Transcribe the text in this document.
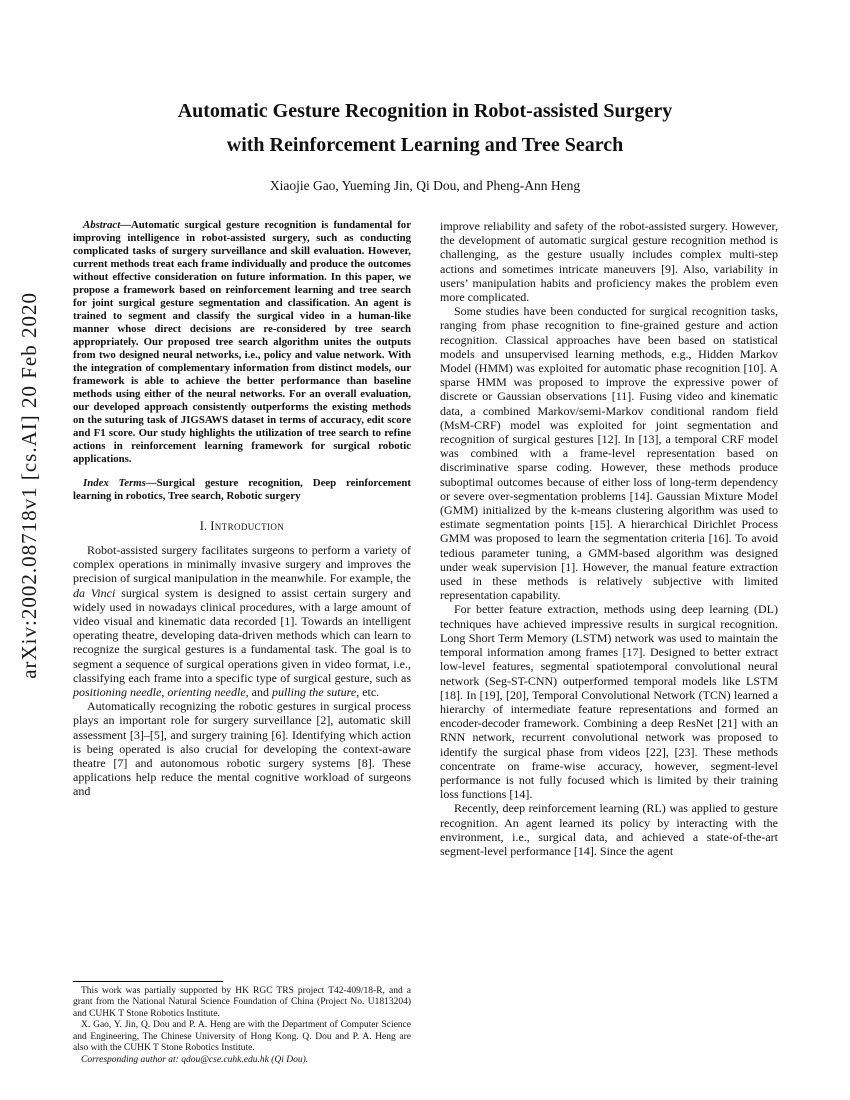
arXiv:2002.08718v1 [cs.AI] 20 Feb 2020
Automatic Gesture Recognition in Robot-assisted Surgery
with Reinforcement Learning and Tree Search
Xiaojie Gao, Yueming Jin, Qi Dou, and Pheng-Ann Heng

Abstract—Automatic surgical gesture recognition is fundamental for improving intelligence in robot-assisted surgery, such as conducting complicated tasks of surgery surveillance and skill evaluation. However, current methods treat each frame individually and produce the outcomes without effective consideration on future information. In this paper, we propose a framework based on reinforcement learning and tree search for joint surgical gesture segmentation and classification. An agent is trained to segment and classify the surgical video in a human-like manner whose direct decisions are re-considered by tree search appropriately. Our proposed tree search algorithm unites the outputs from two designed neural networks, i.e., policy and value network. With the integration of complementary information from distinct models, our framework is able to achieve the better performance than baseline methods using either of the neural networks. For an overall evaluation, our developed approach consistently outperforms the existing methods on the suturing task of JIGSAWS dataset in terms of accuracy, edit score and F1 score. Our study highlights the utilization of tree search to refine actions in reinforcement learning framework for surgical robotic applications.

Index Terms—Surgical gesture recognition, Deep reinforcement learning in robotics, Tree search, Robotic surgery

I. Introduction

Robot-assisted surgery facilitates surgeons to perform a variety of complex operations in minimally invasive surgery and improves the precision of surgical manipulation in the meanwhile. For example, the da Vinci surgical system is designed to assist certain surgery and widely used in nowadays clinical procedures, with a large amount of video visual and kinematic data recorded [1]. Towards an intelligent operating theatre, developing data-driven methods which can learn to recognize the surgical gestures is a fundamental task. The goal is to segment a sequence of surgical operations given in video format, i.e., classifying each frame into a specific type of surgical gesture, such as positioning needle, orienting needle, and pulling the suture, etc.

Automatically recognizing the robotic gestures in surgical process plays an important role for surgery surveillance [2], automatic skill assessment [3]–[5], and surgery training [6]. Identifying which action is being operated is also crucial for developing the context-aware theatre [7] and autonomous robotic surgery systems [8]. These applications help reduce the mental cognitive workload of surgeons and

This work was partially supported by HK RGC TRS project T42-409/18-R, and a grant from the National Natural Science Foundation of China (Project No. U1813204) and CUHK T Stone Robotics Institute.

X. Gao, Y. Jin, Q. Dou and P. A. Heng are with the Department of Computer Science and Engineering, The Chinese University of Hong Kong. Q. Dou and P. A. Heng are also with the CUHK T Stone Robotics Institute.

Corresponding author at: qdou@cse.cuhk.edu.hk (Qi Dou).

improve reliability and safety of the robot-assisted surgery. However, the development of automatic surgical gesture recognition method is challenging, as the gesture usually includes complex multi-step actions and sometimes intricate maneuvers [9]. Also, variability in users’ manipulation habits and proficiency makes the problem even more complicated.

Some studies have been conducted for surgical recognition tasks, ranging from phase recognition to fine-grained gesture and action recognition. Classical approaches have been based on statistical models and unsupervised learning methods, e.g., Hidden Markov Model (HMM) was exploited for automatic phase recognition [10]. A sparse HMM was proposed to improve the expressive power of discrete or Gaussian observations [11]. Fusing video and kinematic data, a combined Markov/semi-Markov conditional random field (MsM-CRF) model was exploited for joint segmentation and recognition of surgical gestures [12]. In [13], a temporal CRF model was combined with a frame-level representation based on discriminative sparse coding. However, these methods produce suboptimal outcomes because of either loss of long-term dependency or severe over-segmentation problems [14]. Gaussian Mixture Model (GMM) initialized by the k-means clustering algorithm was used to estimate segmentation points [15]. A hierarchical Dirichlet Process GMM was proposed to learn the segmentation criteria [16]. To avoid tedious parameter tuning, a GMM-based algorithm was designed under weak supervision [1]. However, the manual feature extraction used in these methods is relatively subjective with limited representation capability.

For better feature extraction, methods using deep learning (DL) techniques have achieved impressive results in surgical recognition. Long Short Term Memory (LSTM) network was used to maintain the temporal information among frames [17]. Designed to better extract low-level features, segmental spatiotemporal convolutional neural network (Seg-ST-CNN) outperformed temporal models like LSTM [18]. In [19], [20], Temporal Convolutional Network (TCN) learned a hierarchy of intermediate feature representations and formed an encoder-decoder framework. Combining a deep ResNet [21] with an RNN network, recurrent convolutional network was proposed to identify the surgical phase from videos [22], [23]. These methods concentrate on frame-wise accuracy, however, segment-level performance is not fully focused which is limited by their training loss functions [14].

Recently, deep reinforcement learning (RL) was applied to gesture recognition. An agent learned its policy by interacting with the environment, i.e., surgical data, and achieved a state-of-the-art segment-level performance [14]. Since the agent
